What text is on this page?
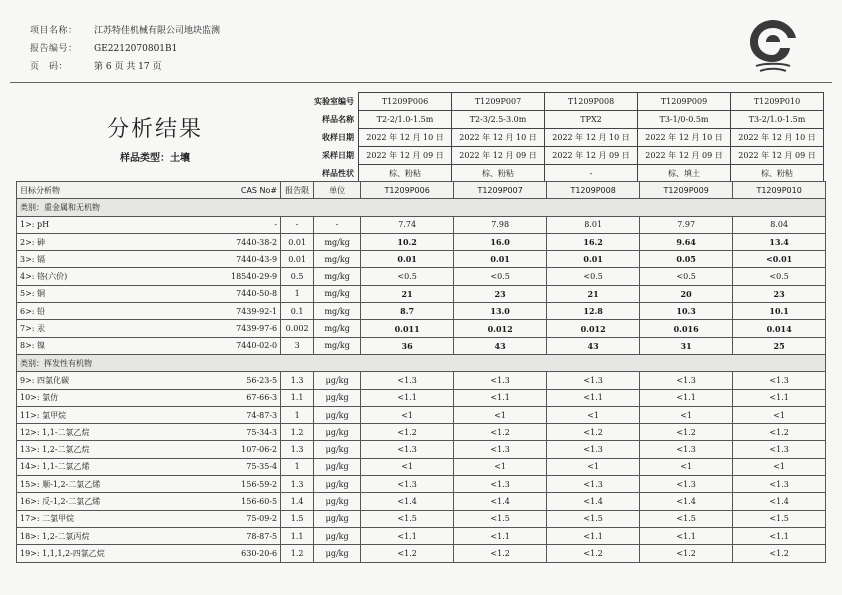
项目名称：	江苏特佳机械有限公司地块监测
报告编号：	GE2212070801B1
页　码：	第 6 页 共 17 页
分析结果
样品类型：土壤
实验室编号	T1209P006	T1209P007	T1209P008	T1209P009	T1209P010
样品名称	T2-2/1.0-1.5m	T2-3/2.5-3.0m	TPX2	T3-1/0-0.5m	T3-2/1.0-1.5m
收样日期	2022 年 12 月 10 日	2022 年 12 月 10 日	2022 年 12 月 10 日	2022 年 12 月 10 日	2022 年 12 月 10 日
采样日期	2022 年 12 月 09 日	2022 年 12 月 09 日	2022 年 12 月 09 日	2022 年 12 月 09 日	2022 年 12 月 09 日
样品性状	棕、粉粘	棕、粉粘	-	棕、填土	棕、粉粘
目标分析物	CAS No#	报告限	单位	T1209P006	T1209P007	T1209P008	T1209P009	T1209P010
类别：重金属和无机物								
1>: pH	-	-	-	7.74	7.98	8.01	7.97	8.04
2>: 砷	7440-38-2	0.01	mg/kg	10.2	16.0	16.2	9.64	13.4
3>: 镉	7440-43-9	0.01	mg/kg	0.01	0.01	0.01	0.05	<0.01
4>: 铬(六价)	18540-29-9	0.5	mg/kg	<0.5	<0.5	<0.5	<0.5	<0.5
5>: 铜	7440-50-8	1	mg/kg	21	23	21	20	23
6>: 铅	7439-92-1	0.1	mg/kg	8.7	13.0	12.8	10.3	10.1
7>: 汞	7439-97-6	0.002	mg/kg	0.011	0.012	0.012	0.016	0.014
8>: 镍	7440-02-0	3	mg/kg	36	43	43	31	25
类别：挥发性有机物								
9>: 四氯化碳	56-23-5	1.3	μg/kg	<1.3	<1.3	<1.3	<1.3	<1.3
10>: 氯仿	67-66-3	1.1	μg/kg	<1.1	<1.1	<1.1	<1.1	<1.1
11>: 氯甲烷	74-87-3	1	μg/kg	<1	<1	<1	<1	<1
12>: 1,1-二氯乙烷	75-34-3	1.2	μg/kg	<1.2	<1.2	<1.2	<1.2	<1.2
13>: 1,2-二氯乙烷	107-06-2	1.3	μg/kg	<1.3	<1.3	<1.3	<1.3	<1.3
14>: 1,1-二氯乙烯	75-35-4	1	μg/kg	<1	<1	<1	<1	<1
15>: 顺-1,2-二氯乙烯	156-59-2	1.3	μg/kg	<1.3	<1.3	<1.3	<1.3	<1.3
16>: 反-1,2-二氯乙烯	156-60-5	1.4	μg/kg	<1.4	<1.4	<1.4	<1.4	<1.4
17>: 二氯甲烷	75-09-2	1.5	μg/kg	<1.5	<1.5	<1.5	<1.5	<1.5
18>: 1,2-二氯丙烷	78-87-5	1.1	μg/kg	<1.1	<1.1	<1.1	<1.1	<1.1
19>: 1,1,1,2-四氯乙烷	630-20-6	1.2	μg/kg	<1.2	<1.2	<1.2	<1.2	<1.2
